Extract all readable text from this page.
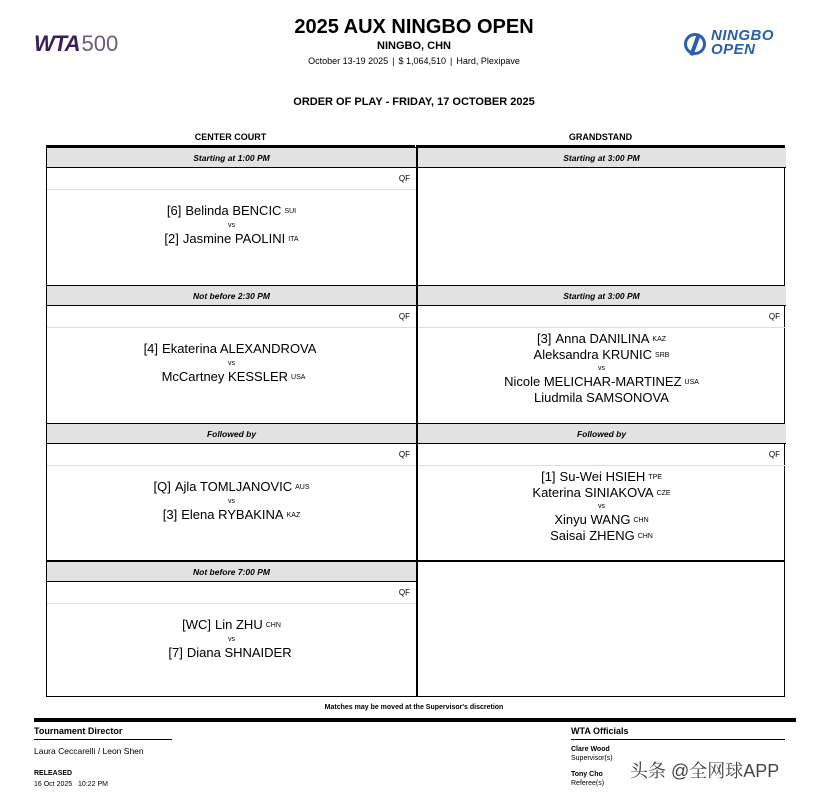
WTA500	NINGBO
OPEN
2025 AUX NINGBO OPEN
NINGBO, CHN
October 13-19 2025 | $ 1,064,510 | Hard, Plexipave
ORDER OF PLAY - FRIDAY, 17 OCTOBER 2025
CENTER COURT	GRANDSTAND
Starting at 1:00 PM
QF
[6] Belinda BENCIC SUI
vs
[2] Jasmine PAOLINI ITA
Starting at 3:00 PM
Not before 2:30 PM
QF
[4] Ekaterina ALEXANDROVA
vs
McCartney KESSLER USA
Starting at 3:00 PM
QF
[3] Anna DANILINA KAZ
Aleksandra KRUNIC SRB
vs
Nicole MELICHAR-MARTINEZ USA
Liudmila SAMSONOVA
Followed by
QF
[Q] Ajla TOMLJANOVIC AUS
vs
[3] Elena RYBAKINA KAZ
Followed by
QF
[1] Su-Wei HSIEH TPE
Katerina SINIAKOVA CZE
vs
Xinyu WANG CHN
Saisai ZHENG CHN
Not before 7:00 PM
QF
[WC] Lin ZHU CHN
vs
[7] Diana SHNAIDER
Matches may be moved at the Supervisor's discretion
Tournament Director
Laura Ceccarelli / Leon Shen
RELEASED
16 Oct 2025 10:22 PM
WTA Officials
Clare Wood
Supervisor(s)
Tony Cho
Referee(s)
头条 @全网球APP
